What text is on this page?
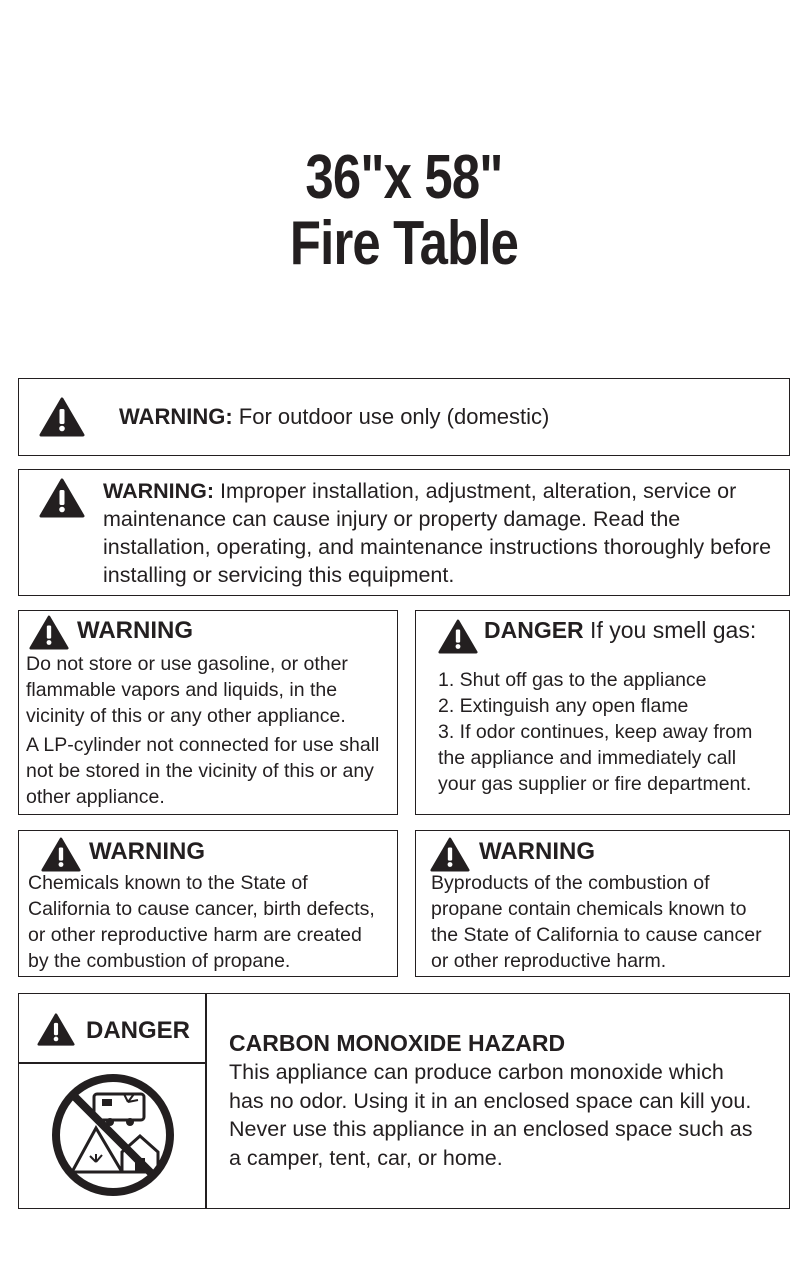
36"x 58"
Fire Table
WARNING: For outdoor use only (domestic)
WARNING: Improper installation, adjustment, alteration, service or maintenance can cause injury or property damage. Read the installation, operating, and maintenance instructions thoroughly before installing or servicing this equipment.
WARNING
Do not store or use gasoline, or other
flammable vapors and liquids, in the
vicinity of this or any other appliance.
A LP-cylinder not connected for use shall
not be stored in the vicinity of this or any
other appliance.
DANGER If you smell gas:
1. Shut off gas to the appliance
2. Extinguish any open flame
3. If odor continues, keep away from
the appliance and immediately call
your gas supplier or fire department.
WARNING
Chemicals known to the State of
California to cause cancer, birth defects,
or other reproductive harm are created
by the combustion of propane.
WARNING
Byproducts of the combustion of
propane contain chemicals known to
the State of California to cause cancer
or other reproductive harm.
DANGER CARBON MONOXIDE HAZARD
This appliance can produce carbon monoxide which
has no odor. Using it in an enclosed space can kill you.
Never use this appliance in an enclosed space such as
a camper, tent, car, or home.
